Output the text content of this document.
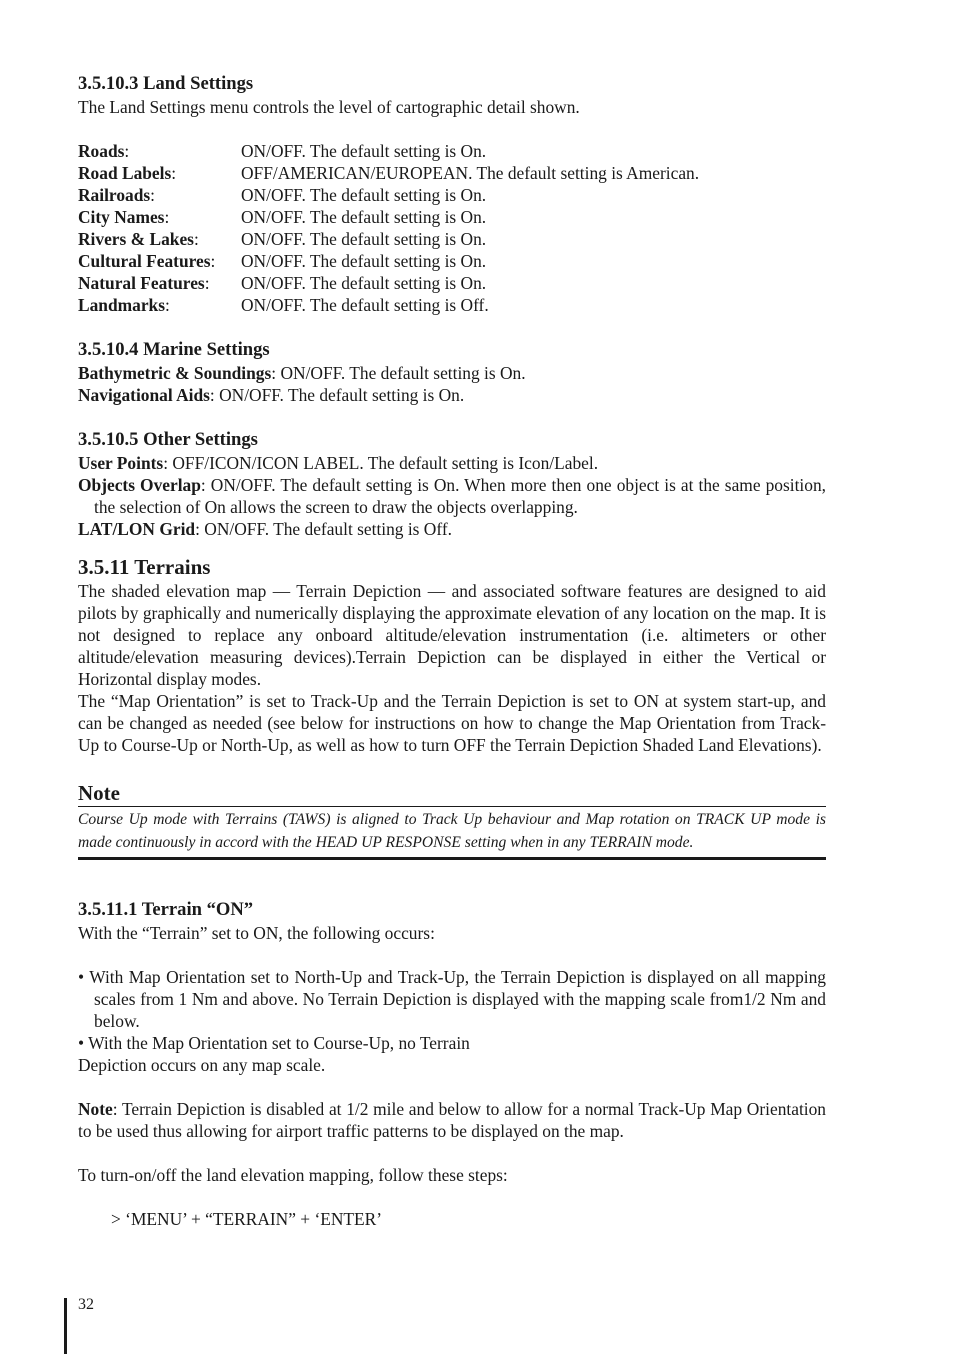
3.5.10.3 Land Settings

The Land Settings menu controls the level of cartographic detail shown.

Roads:	ON/OFF. The default setting is On.
Road Labels:	OFF/AMERICAN/EUROPEAN. The default setting is American.
Railroads:	ON/OFF. The default setting is On.
City Names:	ON/OFF. The default setting is On.
Rivers & Lakes:	ON/OFF. The default setting is On.
Cultural Features:	ON/OFF. The default setting is On.
Natural Features:	ON/OFF. The default setting is On.
Landmarks:	ON/OFF. The default setting is Off.
3.5.10.4 Marine Settings

Bathymetric & Soundings: ON/OFF. The default setting is On.

Navigational Aids: ON/OFF. The default setting is On.

3.5.10.5 Other Settings

User Points: OFF/ICON/ICON LABEL. The default setting is Icon/Label.

Objects Overlap: ON/OFF. The default setting is On. When more then one object is at the same position, the selection of On allows the screen to draw the objects overlapping.

LAT/LON Grid: ON/OFF. The default setting is Off.

3.5.11 Terrains

The shaded elevation map — Terrain Depiction — and associated software features are designed to aid pilots by graphically and numerically displaying the approximate elevation of any location on the map. It is not designed to replace any onboard altitude/elevation instrumentation (i.e. altimeters or other altitude/elevation measuring devices).Terrain Depiction can be displayed in either the Vertical or Horizontal display modes.

The “Map Orientation” is set to Track-Up and the Terrain Depiction is set to ON at system start-up, and can be changed as needed (see below for instructions on how to change the Map Orientation from Track-Up to Course-Up or North-Up, as well as how to turn OFF the Terrain Depiction Shaded Land Elevations).

Note
Course Up mode with Terrains (TAWS) is aligned to Track Up behaviour and Map rotation on TRACK UP mode is made continuously in accord with the HEAD UP RESPONSE setting when in any TERRAIN mode.
3.5.11.1 Terrain “ON”

With the “Terrain” set to ON, the following occurs:

• With Map Orientation set to North-Up and Track-Up, the Terrain Depiction is displayed on all mapping scales from 1 Nm and above. No Terrain Depiction is displayed with the mapping scale from1/2 Nm and below.

• With the Map Orientation set to Course-Up, no Terrain

Depiction occurs on any map scale.

Note: Terrain Depiction is disabled at 1/2 mile and below to allow for a normal Track-Up Map Orientation to be used thus allowing for airport traffic patterns to be displayed on the map.

To turn-on/off the land elevation mapping, follow these steps:

> ‘MENU’ + “TERRAIN” + ‘ENTER’

32
